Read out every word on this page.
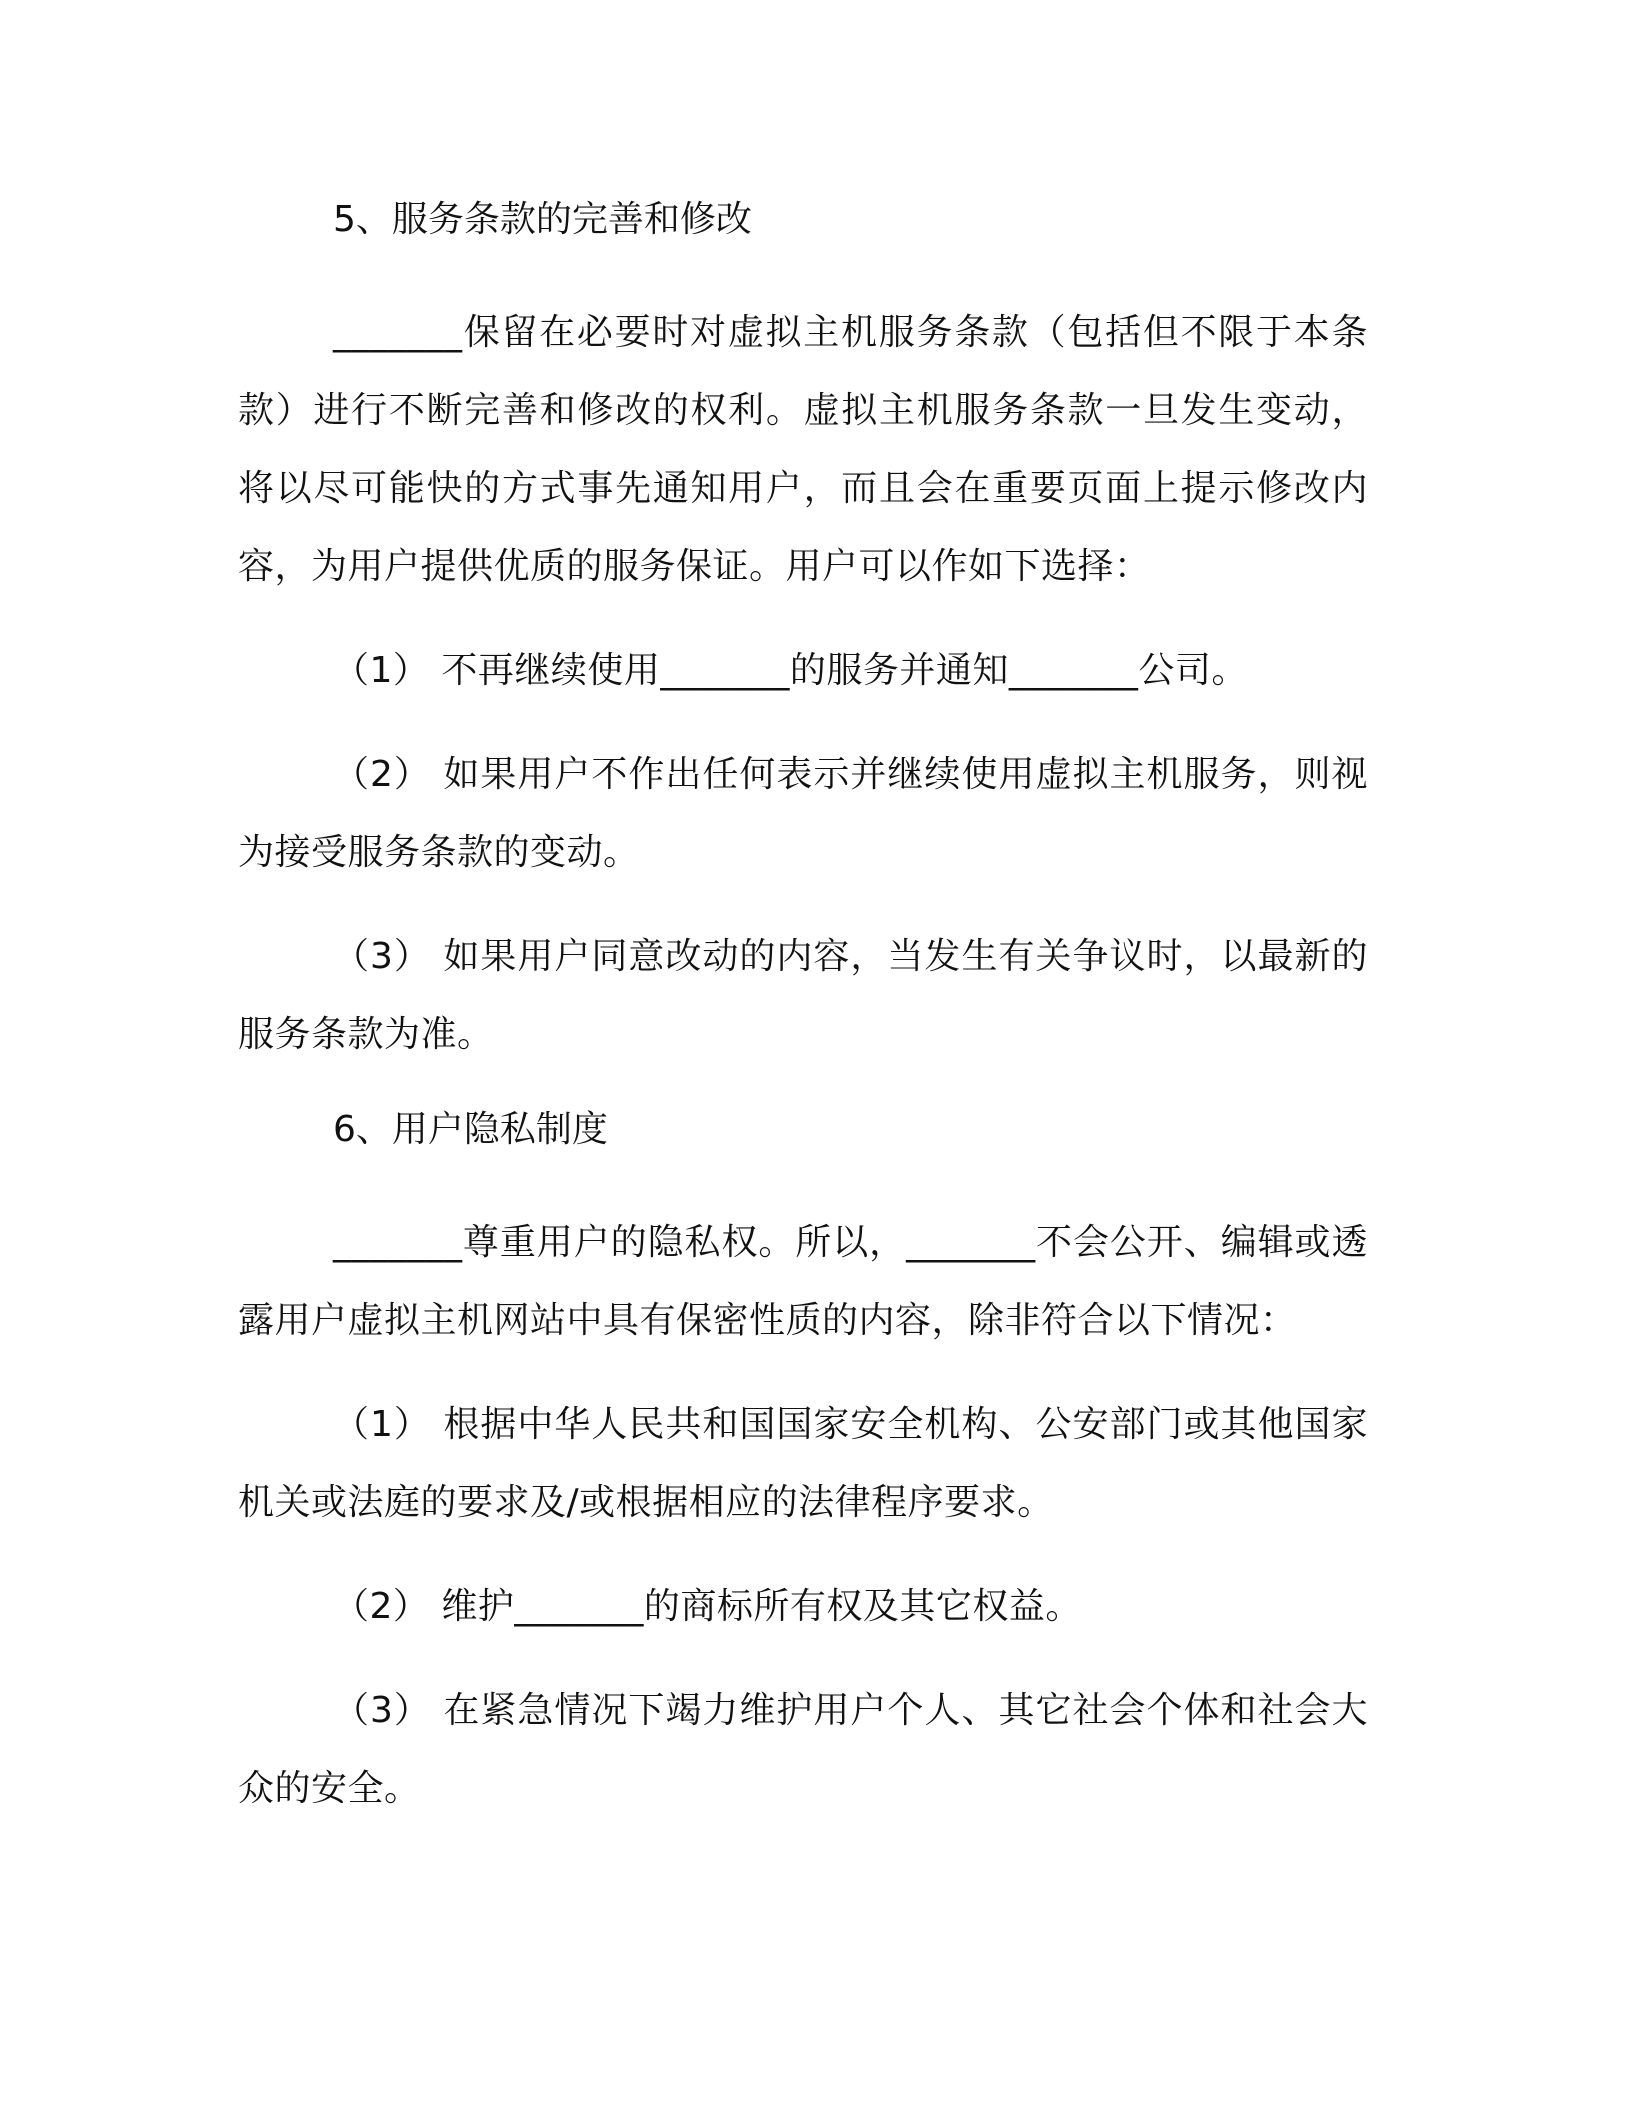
5、服务条款的完善和修改

_______保留在必要时对虚拟主机服务条款（包括但不限于本条款）进行不断完善和修改的权利。虚拟主机服务条款一旦发生变动，将以尽可能快的方式事先通知用户，而且会在重要页面上提示修改内容，为用户提供优质的服务保证。用户可以作如下选择：

（1） 不再继续使用_______的服务并通知_______公司。

（2） 如果用户不作出任何表示并继续使用虚拟主机服务，则视为接受服务条款的变动。

（3） 如果用户同意改动的内容，当发生有关争议时，以最新的服务条款为准。

6、用户隐私制度

_______尊重用户的隐私权。所以，_______不会公开、编辑或透露用户虚拟主机网站中具有保密性质的内容，除非符合以下情况：

（1） 根据中华人民共和国国家安全机构、公安部门或其他国家机关或法庭的要求及/或根据相应的法律程序要求。

（2） 维护_______的商标所有权及其它权益。

（3） 在紧急情况下竭力维护用户个人、其它社会个体和社会大众的安全。
